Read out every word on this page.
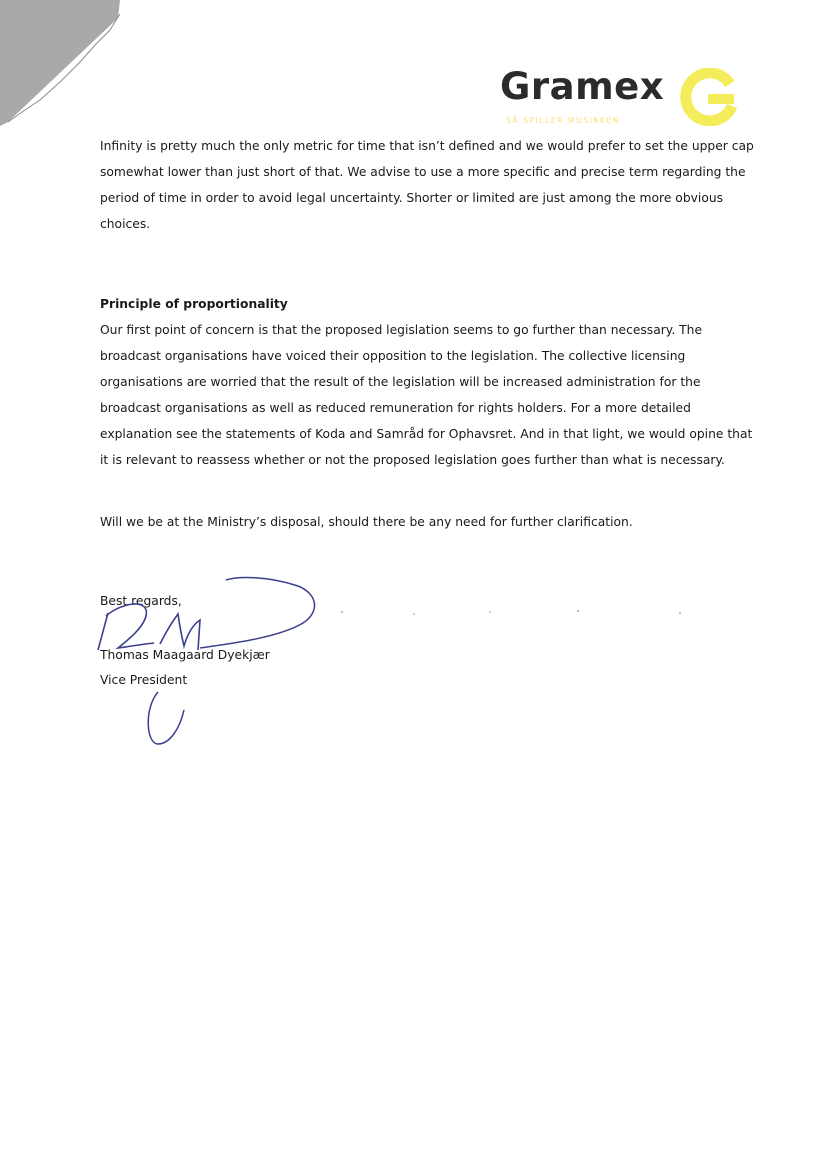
Gramex
SÅ SPILLER MUSIKKEN

Infinity is pretty much the only metric for time that isn’t defined and we would prefer to set the upper cap somewhat lower than just short of that. We advise to use a more specific and precise term regarding the period of time in order to avoid legal uncertainty. Shorter or limited are just among the more obvious choices.

Principle of proportionality

Our first point of concern is that the proposed legislation seems to go further than necessary. The broadcast organisations have voiced their opposition to the legislation. The collective licensing organisations are worried that the result of the legislation will be increased administration for the broadcast organisations as well as reduced remuneration for rights holders. For a more detailed explanation see the statements of Koda and Samråd for Ophavsret. And in that light, we would opine that it is relevant to reassess whether or not the proposed legislation goes further than what is necessary.

Will we be at the Ministry’s disposal, should there be any need for further clarification.

Best regards,

Thomas Maagaard Dyekjær

Vice President
